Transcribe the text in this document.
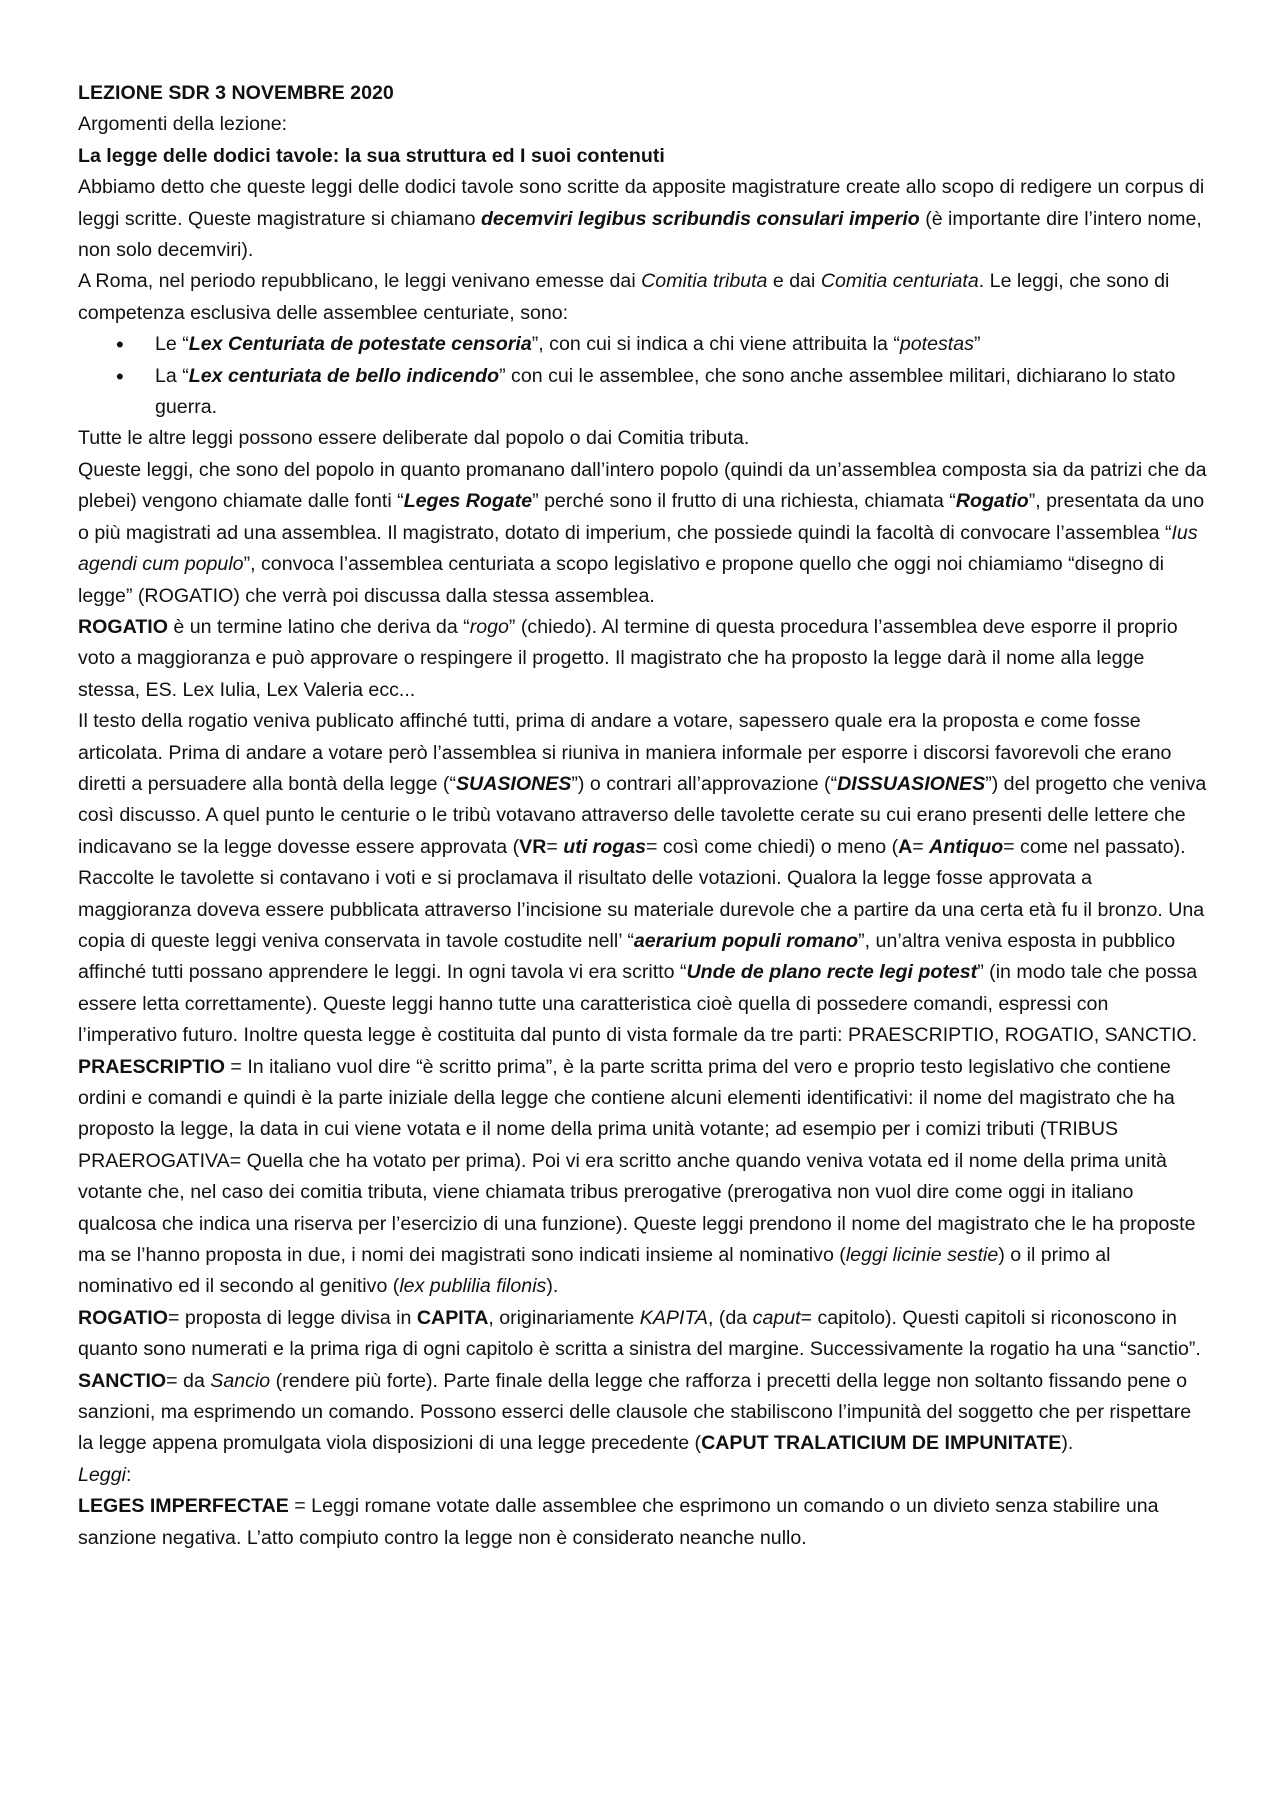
LEZIONE SDR 3 NOVEMBRE 2020

Argomenti della lezione:

La legge delle dodici tavole: la sua struttura ed I suoi contenuti

Abbiamo detto che queste leggi delle dodici tavole sono scritte da apposite magistrature create allo scopo di redigere un corpus di leggi scritte. Queste magistrature si chiamano decemviri legibus scribundis consulari imperio (è importante dire l’intero nome, non solo decemviri).

A Roma, nel periodo repubblicano, le leggi venivano emesse dai Comitia tributa e dai Comitia centuriata. Le leggi, che sono di competenza esclusiva delle assemblee centuriate, sono:

• Le “Lex Centuriata de potestate censoria”, con cui si indica a chi viene attribuita la “potestas”
• La “Lex centuriata de bello indicendo” con cui le assemblee, che sono anche assemblee militari, dichiarano lo stato guerra.

Tutte le altre leggi possono essere deliberate dal popolo o dai Comitia tributa.

Queste leggi, che sono del popolo in quanto promanano dall’intero popolo (quindi da un’assemblea composta sia da patrizi che da plebei) vengono chiamate dalle fonti “Leges Rogate” perché sono il frutto di una richiesta, chiamata “Rogatio”, presentata da uno o più magistrati ad una assemblea. Il magistrato, dotato di imperium, che possiede quindi la facoltà di convocare l’assemblea “Ius agendi cum populo”, convoca l’assemblea centuriata a scopo legislativo e propone quello che oggi noi chiamiamo “disegno di legge” (ROGATIO) che verrà poi discussa dalla stessa assemblea.

ROGATIO è un termine latino che deriva da “rogo” (chiedo). Al termine di questa procedura l’assemblea deve esporre il proprio voto a maggioranza e può approvare o respingere il progetto. Il magistrato che ha proposto la legge darà il nome alla legge stessa, ES. Lex Iulia, Lex Valeria ecc...

Il testo della rogatio veniva publicato affinché tutti, prima di andare a votare, sapessero quale era la proposta e come fosse articolata. Prima di andare a votare però l’assemblea si riuniva in maniera informale per esporre i discorsi favorevoli che erano diretti a persuadere alla bontà della legge (“SUASIONES”) o contrari all’approvazione (“DISSUASIONES”) del progetto che veniva così discusso. A quel punto le centurie o le tribù votavano attraverso delle tavolette cerate su cui erano presenti delle lettere che indicavano se la legge dovesse essere approvata (VR= uti rogas= così come chiedi) o meno (A= Antiquo= come nel passato). Raccolte le tavolette si contavano i voti e si proclamava il risultato delle votazioni. Qualora la legge fosse approvata a maggioranza doveva essere pubblicata attraverso l’incisione su materiale durevole che a partire da una certa età fu il bronzo. Una copia di queste leggi veniva conservata in tavole costudite nell’ “aerarium populi romano”, un’altra veniva esposta in pubblico affinché tutti possano apprendere le leggi. In ogni tavola vi era scritto “Unde de plano recte legi potest” (in modo tale che possa essere letta correttamente). Queste leggi hanno tutte una caratteristica cioè quella di possedere comandi, espressi con l’imperativo futuro. Inoltre questa legge è costituita dal punto di vista formale da tre parti: PRAESCRIPTIO, ROGATIO, SANCTIO.

PRAESCRIPTIO = In italiano vuol dire “è scritto prima”, è la parte scritta prima del vero e proprio testo legislativo che contiene ordini e comandi e quindi è la parte iniziale della legge che contiene alcuni elementi identificativi: il nome del magistrato che ha proposto la legge, la data in cui viene votata e il nome della prima unità votante; ad esempio per i comizi tributi (TRIBUS PRAEROGATIVA= Quella che ha votato per prima). Poi vi era scritto anche quando veniva votata ed il nome della prima unità votante che, nel caso dei comitia tributa, viene chiamata tribus prerogative (prerogativa non vuol dire come oggi in italiano qualcosa che indica una riserva per l’esercizio di una funzione). Queste leggi prendono il nome del magistrato che le ha proposte ma se l’hanno proposta in due, i nomi dei magistrati sono indicati insieme al nominativo (leggi licinie sestie) o il primo al nominativo ed il secondo al genitivo (lex publilia filonis).

ROGATIO= proposta di legge divisa in CAPITA, originariamente KAPITA, (da caput= capitolo). Questi capitoli si riconoscono in quanto sono numerati e la prima riga di ogni capitolo è scritta a sinistra del margine. Successivamente la rogatio ha una “sanctio”.

SANCTIO= da Sancio (rendere più forte). Parte finale della legge che rafforza i precetti della legge non soltanto fissando pene o sanzioni, ma esprimendo un comando. Possono esserci delle clausole che stabiliscono l’impunità del soggetto che per rispettare la legge appena promulgata viola disposizioni di una legge precedente (CAPUT TRALATICIUM DE IMPUNITATE).

Leggi:

LEGES IMPERFECTAE = Leggi romane votate dalle assemblee che esprimono un comando o un divieto senza stabilire una sanzione negativa. L’atto compiuto contro la legge non è considerato neanche nullo.
